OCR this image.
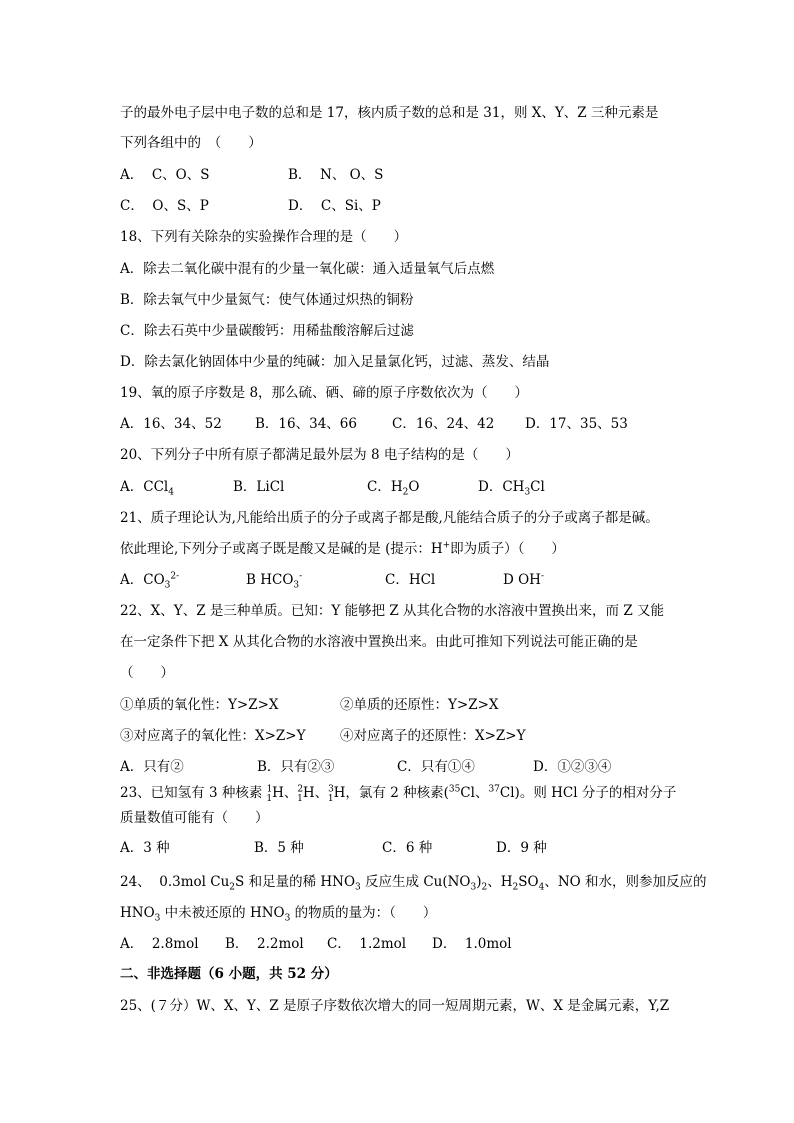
子的最外电子层中电子数的总和是 17，核内质子数的总和是 31，则 X、Y、Z 三种元素是
下列各组中的　（　　）
A．  C、O、S	B．  N、 O、S
C．  O、S、P	D．  C、Si、P
18、下列有关除杂的实验操作合理的是（　　）
A．除去二氧化碳中混有的少量一氧化碳：通入适量氧气后点燃
B．除去氧气中少量氮气：使气体通过炽热的铜粉
C．除去石英中少量碳酸钙：用稀盐酸溶解后过滤
D．除去氯化钠固体中少量的纯碱：加入足量氯化钙，过滤、蒸发、结晶
19、氧的原子序数是 8，那么硫、硒、碲的原子序数依次为（　　）
A．16、34、52 B．16、34、66	C．16、24、42 D．17、35、53
20、下列分子中所有原子都满足最外层为 8 电子结构的是（　　）
A．CCl$_4$	B．LiCl	C．$H_2O$	D．$CH_3Cl$
21、质子理论认为,凡能给出质子的分子或离子都是酸,凡能结合质子的分子或离子都是碱。
依此理论,下列分子或离子既是酸又是碱的是 (提示：H+即为质子）（　　）
A．$CO_3^{2-}$	B $HCO_3^-$	C．HCl	D OH-
22、X、Y、Z 是三种单质。已知：Y 能够把 Z 从其化合物的水溶液中置换出来，而 Z 又能
在一定条件下把 X 从其化合物的水溶液中置换出来。由此可推知下列说法可能正确的是
（　　）
①单质的氧化性：Y>Z>X	②单质的还原性：Y>Z>X
③对应离子的氧化性：X>Z>Y	④对应离子的还原性：X>Z>Y
A．只有②	B．只有②③	C．只有①④	D．①②③④
23、已知氢有 3 种核素 $^1_1$H、$^2_1$H、$^3_1$H，氯有 2 种核素($^{35}$Cl、$^{37}$Cl)。则 HCl 分子的相对分子
质量数值可能有（　　）
A．3 种	B．5 种	C．6 种	D．9 种
24、  0.3mol $Cu_2S$ 和足量的稀 $HNO_3$ 反应生成 $Cu(NO_3)_2$、$H_2SO_4$、NO 和水，则参加反应的
$HNO_3$ 中未被还原的 $HNO_3$ 的物质的量为：（　　）
A．  2.8mol B．  2.2mol C．  1.2mol D．  1.0mol
二、非选择题（6 小题，共 52 分）
25、(７分）W、X、Y、Z 是原子序数依次增大的同一短周期元素，W、X 是金属元素，Y,Z
